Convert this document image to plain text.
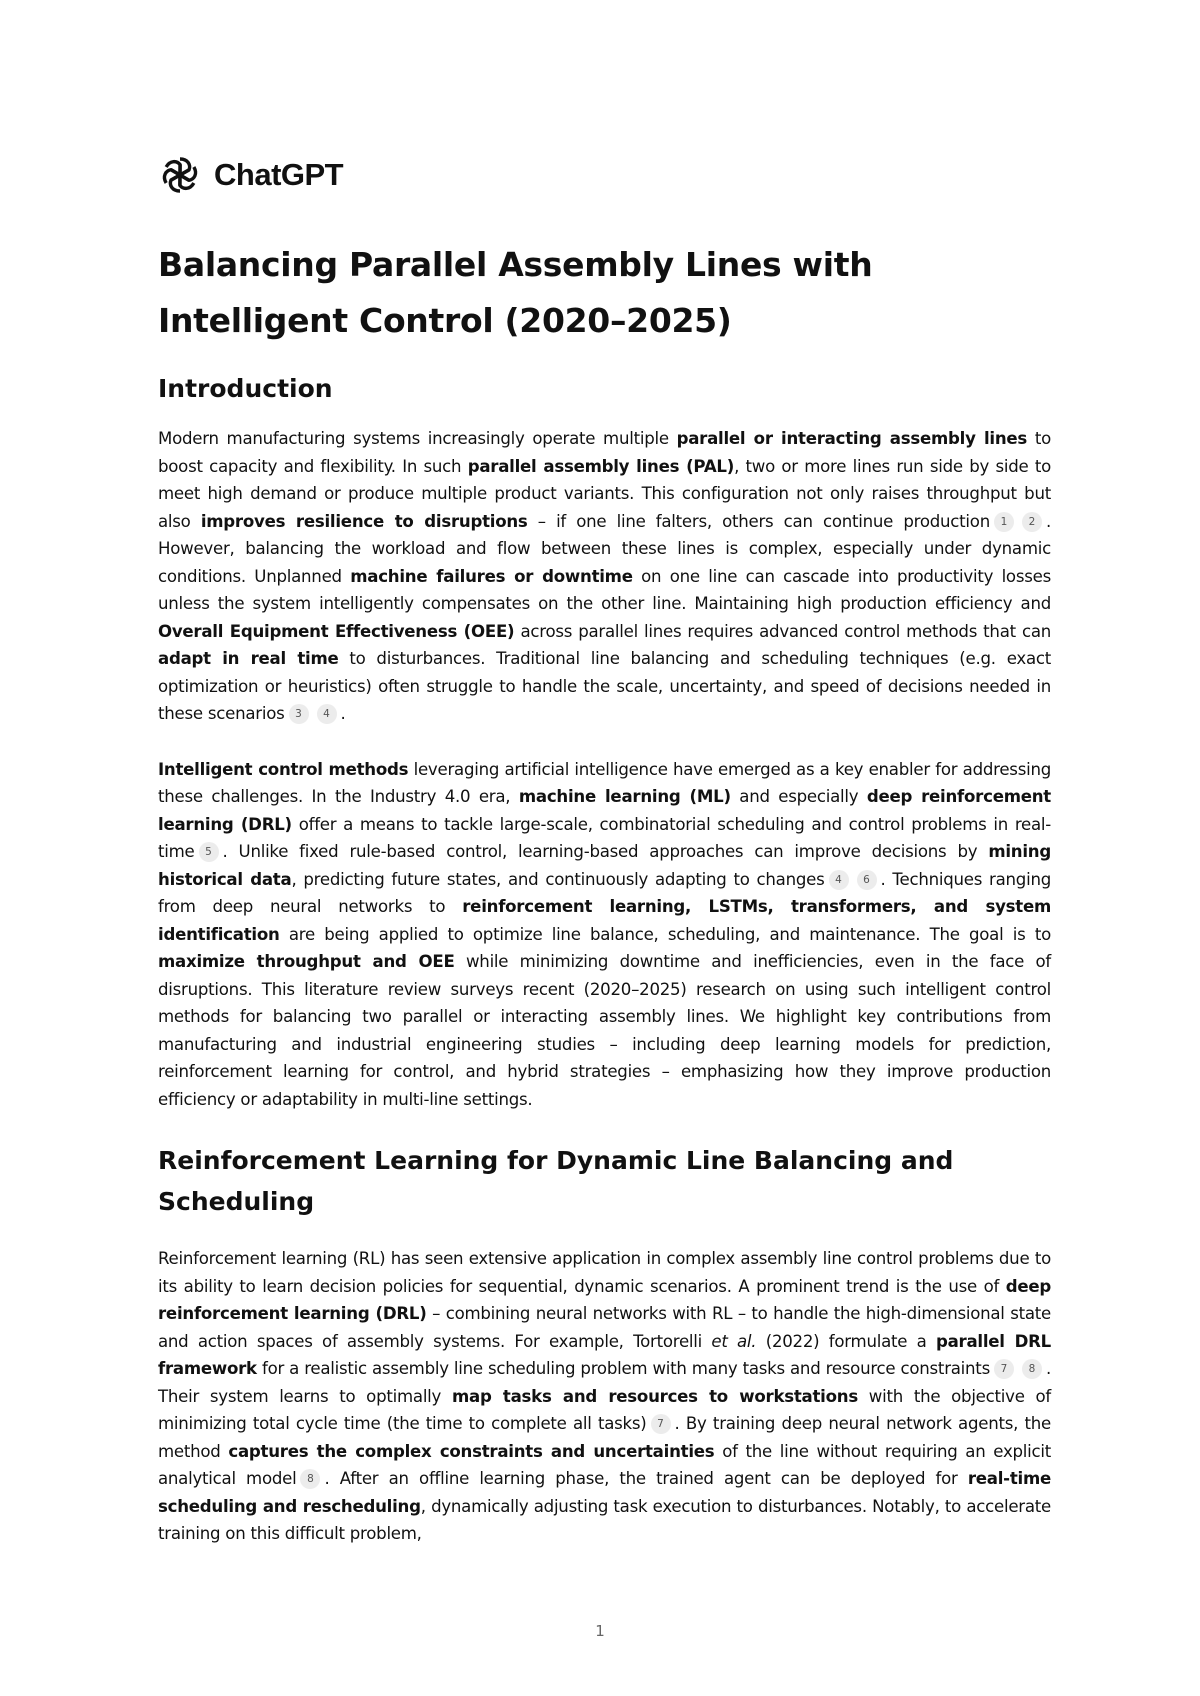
ChatGPT
Balancing Parallel Assembly Lines with Intelligent Control (2020–2025)
Introduction

Modern manufacturing systems increasingly operate multiple parallel or interacting assembly lines to boost capacity and flexibility. In such parallel assembly lines (PAL), two or more lines run side by side to meet high demand or produce multiple product variants. This configuration not only raises throughput but also improves resilience to disruptions – if one line falters, others can continue production 1 2 . However, balancing the workload and flow between these lines is complex, especially under dynamic conditions. Unplanned machine failures or downtime on one line can cascade into productivity losses unless the system intelligently compensates on the other line. Maintaining high production efficiency and Overall Equipment Effectiveness (OEE) across parallel lines requires advanced control methods that can adapt in real time to disturbances. Traditional line balancing and scheduling techniques (e.g. exact optimization or heuristics) often struggle to handle the scale, uncertainty, and speed of decisions needed in these scenarios 3 4 .

Intelligent control methods leveraging artificial intelligence have emerged as a key enabler for addressing these challenges. In the Industry 4.0 era, machine learning (ML) and especially deep reinforcement learning (DRL) offer a means to tackle large-scale, combinatorial scheduling and control problems in real-time 5 . Unlike fixed rule-based control, learning-based approaches can improve decisions by mining historical data, predicting future states, and continuously adapting to changes 4 6 . Techniques ranging from deep neural networks to reinforcement learning, LSTMs, transformers, and system identification are being applied to optimize line balance, scheduling, and maintenance. The goal is to maximize throughput and OEE while minimizing downtime and inefficiencies, even in the face of disruptions. This literature review surveys recent (2020–2025) research on using such intelligent control methods for balancing two parallel or interacting assembly lines. We highlight key contributions from manufacturing and industrial engineering studies – including deep learning models for prediction, reinforcement learning for control, and hybrid strategies – emphasizing how they improve production efficiency or adaptability in multi-line settings.

Reinforcement Learning for Dynamic Line Balancing and Scheduling

Reinforcement learning (RL) has seen extensive application in complex assembly line control problems due to its ability to learn decision policies for sequential, dynamic scenarios. A prominent trend is the use of deep reinforcement learning (DRL) – combining neural networks with RL – to handle the high-dimensional state and action spaces of assembly systems. For example, Tortorelli et al. (2022) formulate a parallel DRL framework for a realistic assembly line scheduling problem with many tasks and resource constraints 7 8 . Their system learns to optimally map tasks and resources to workstations with the objective of minimizing total cycle time (the time to complete all tasks) 7 . By training deep neural network agents, the method captures the complex constraints and uncertainties of the line without requiring an explicit analytical model 8 . After an offline learning phase, the trained agent can be deployed for real-time scheduling and rescheduling, dynamically adjusting task execution to disturbances. Notably, to accelerate training on this difficult problem,

1
